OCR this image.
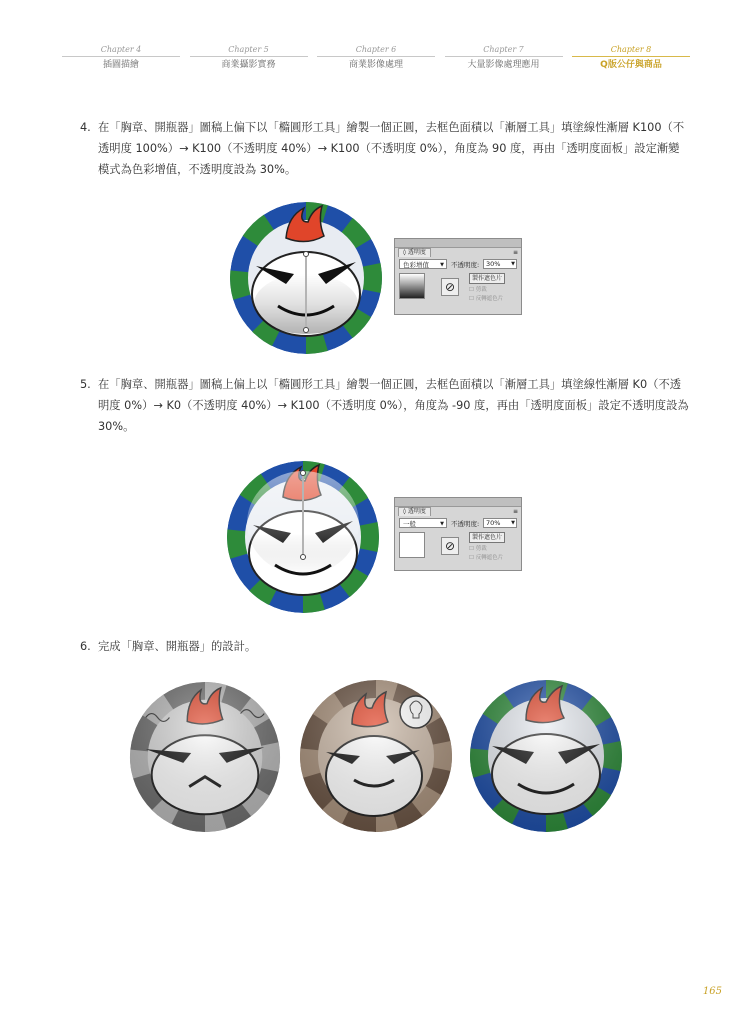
Chapter 4
插圖描繪
Chapter 5
商業攝影實務
Chapter 6
商業影像處理
Chapter 7
大量影像處理應用
Chapter 8
Q版公仔與商品
4. 在「胸章、開瓶器」圖稿上偏下以「橢圓形工具」繪製一個正圓，去框色面積以「漸層工具」填塗線性漸層 K100（不透明度 100%）→ K100（不透明度 40%）→ K100（不透明度 0%），角度為 90 度，再由「透明度面板」設定漸變模式為色彩增值，不透明度設為 30%。
◊ 透明度	≡
色彩增值 ▼ 不透明度:	30% ▼
⊘
製作遮色片
☐ 剪裁
☐ 反轉遮色片
5. 在「胸章、開瓶器」圖稿上偏上以「橢圓形工具」繪製一個正圓，去框色面積以「漸層工具」填塗線性漸層 K0（不透明度 0%）→ K0（不透明度 40%）→ K100（不透明度 0%），角度為 -90 度，再由「透明度面板」設定不透明度設為 30%。
◊ 透明度	≡
一般	▼ 不透明度:	70% ▼
⊘
製作遮色片
☐ 剪裁
☐ 反轉遮色片
6. 完成「胸章、開瓶器」的設計。
165
